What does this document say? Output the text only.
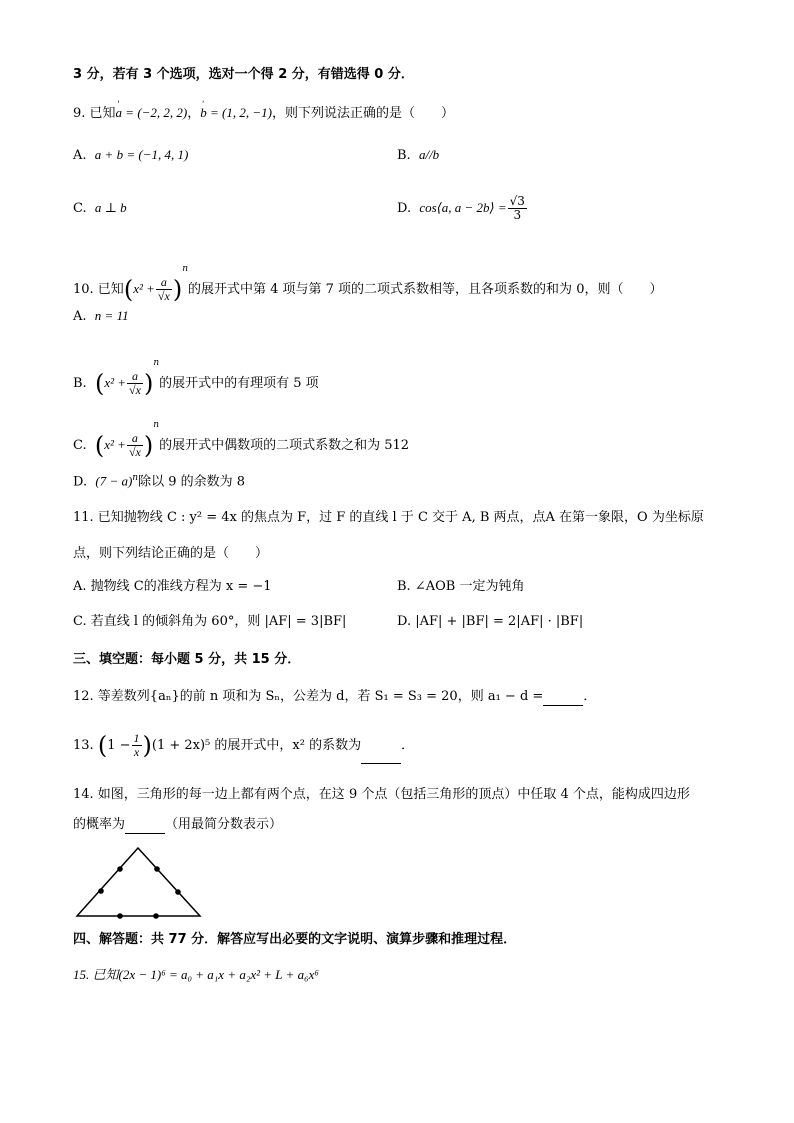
3 分，若有 3 个选项，选对一个得 2 分，有错选得 0 分．
9. 已知ʹ a = (−2, 2, 2)，ʹ b = (1, 2, −1)，则下列说法正确的是（　　）
A. a + b = (−1, 4, 1)	B. a//b
C. a ⊥ b	D. cos⟨a, a − 2b⟩ = $\frac{√3}{3}$
10. 已知$(x^2 + \frac{a}{√x} )^n$的展开式中第 4 项与第 7 项的二项式系数相等，且各项系数的和为 0，则（　　）
A. n = 11
B. $(x^2 + \frac{a}{√x} )^n$的展开式中的有理项有 5 项
C. $(x^2 + \frac{a}{√x} )^n$的展开式中偶数项的二项式系数之和为 512
D. $(7 - a)^n$除以 9 的余数为 8
11. 已知抛物线 C : y² = 4x 的焦点为 F，过 F 的直线 l 于 C 交于 A, B 两点，点A 在第一象限，O 为坐标原
点，则下列结论正确的是（　　）
A. 抛物线 C的准线方程为 x = −1	B. ∠AOB 一定为钝角
C. 若直线 l 的倾斜角为 60°，则 |AF| = 3|BF|	D. |AF| + |BF| = 2|AF| · |BF|
三、填空题：每小题 5 分，共 15 分．
12. 等差数列{aₙ}的前 n 项和为 Sₙ，公差为 d，若 S₁ = S₃ = 20，则 a₁ − d =	．
13. $(1 - \frac{1}{x} )(1 + 2x)^5$ 的展开式中，x² 的系数为	．
14. 如图，三角形的每一边上都有两个点，在这 9 个点（包括三角形的顶点）中任取 4 个点，能构成四边形
的概率为	（用最简分数表示）
四、解答题：共 77 分．解答应写出必要的文字说明、演算步骤和推理过程．
15. 已知(2x − 1)⁶ = a₀ + a₁x + a₂x² + L + a₆x⁶
